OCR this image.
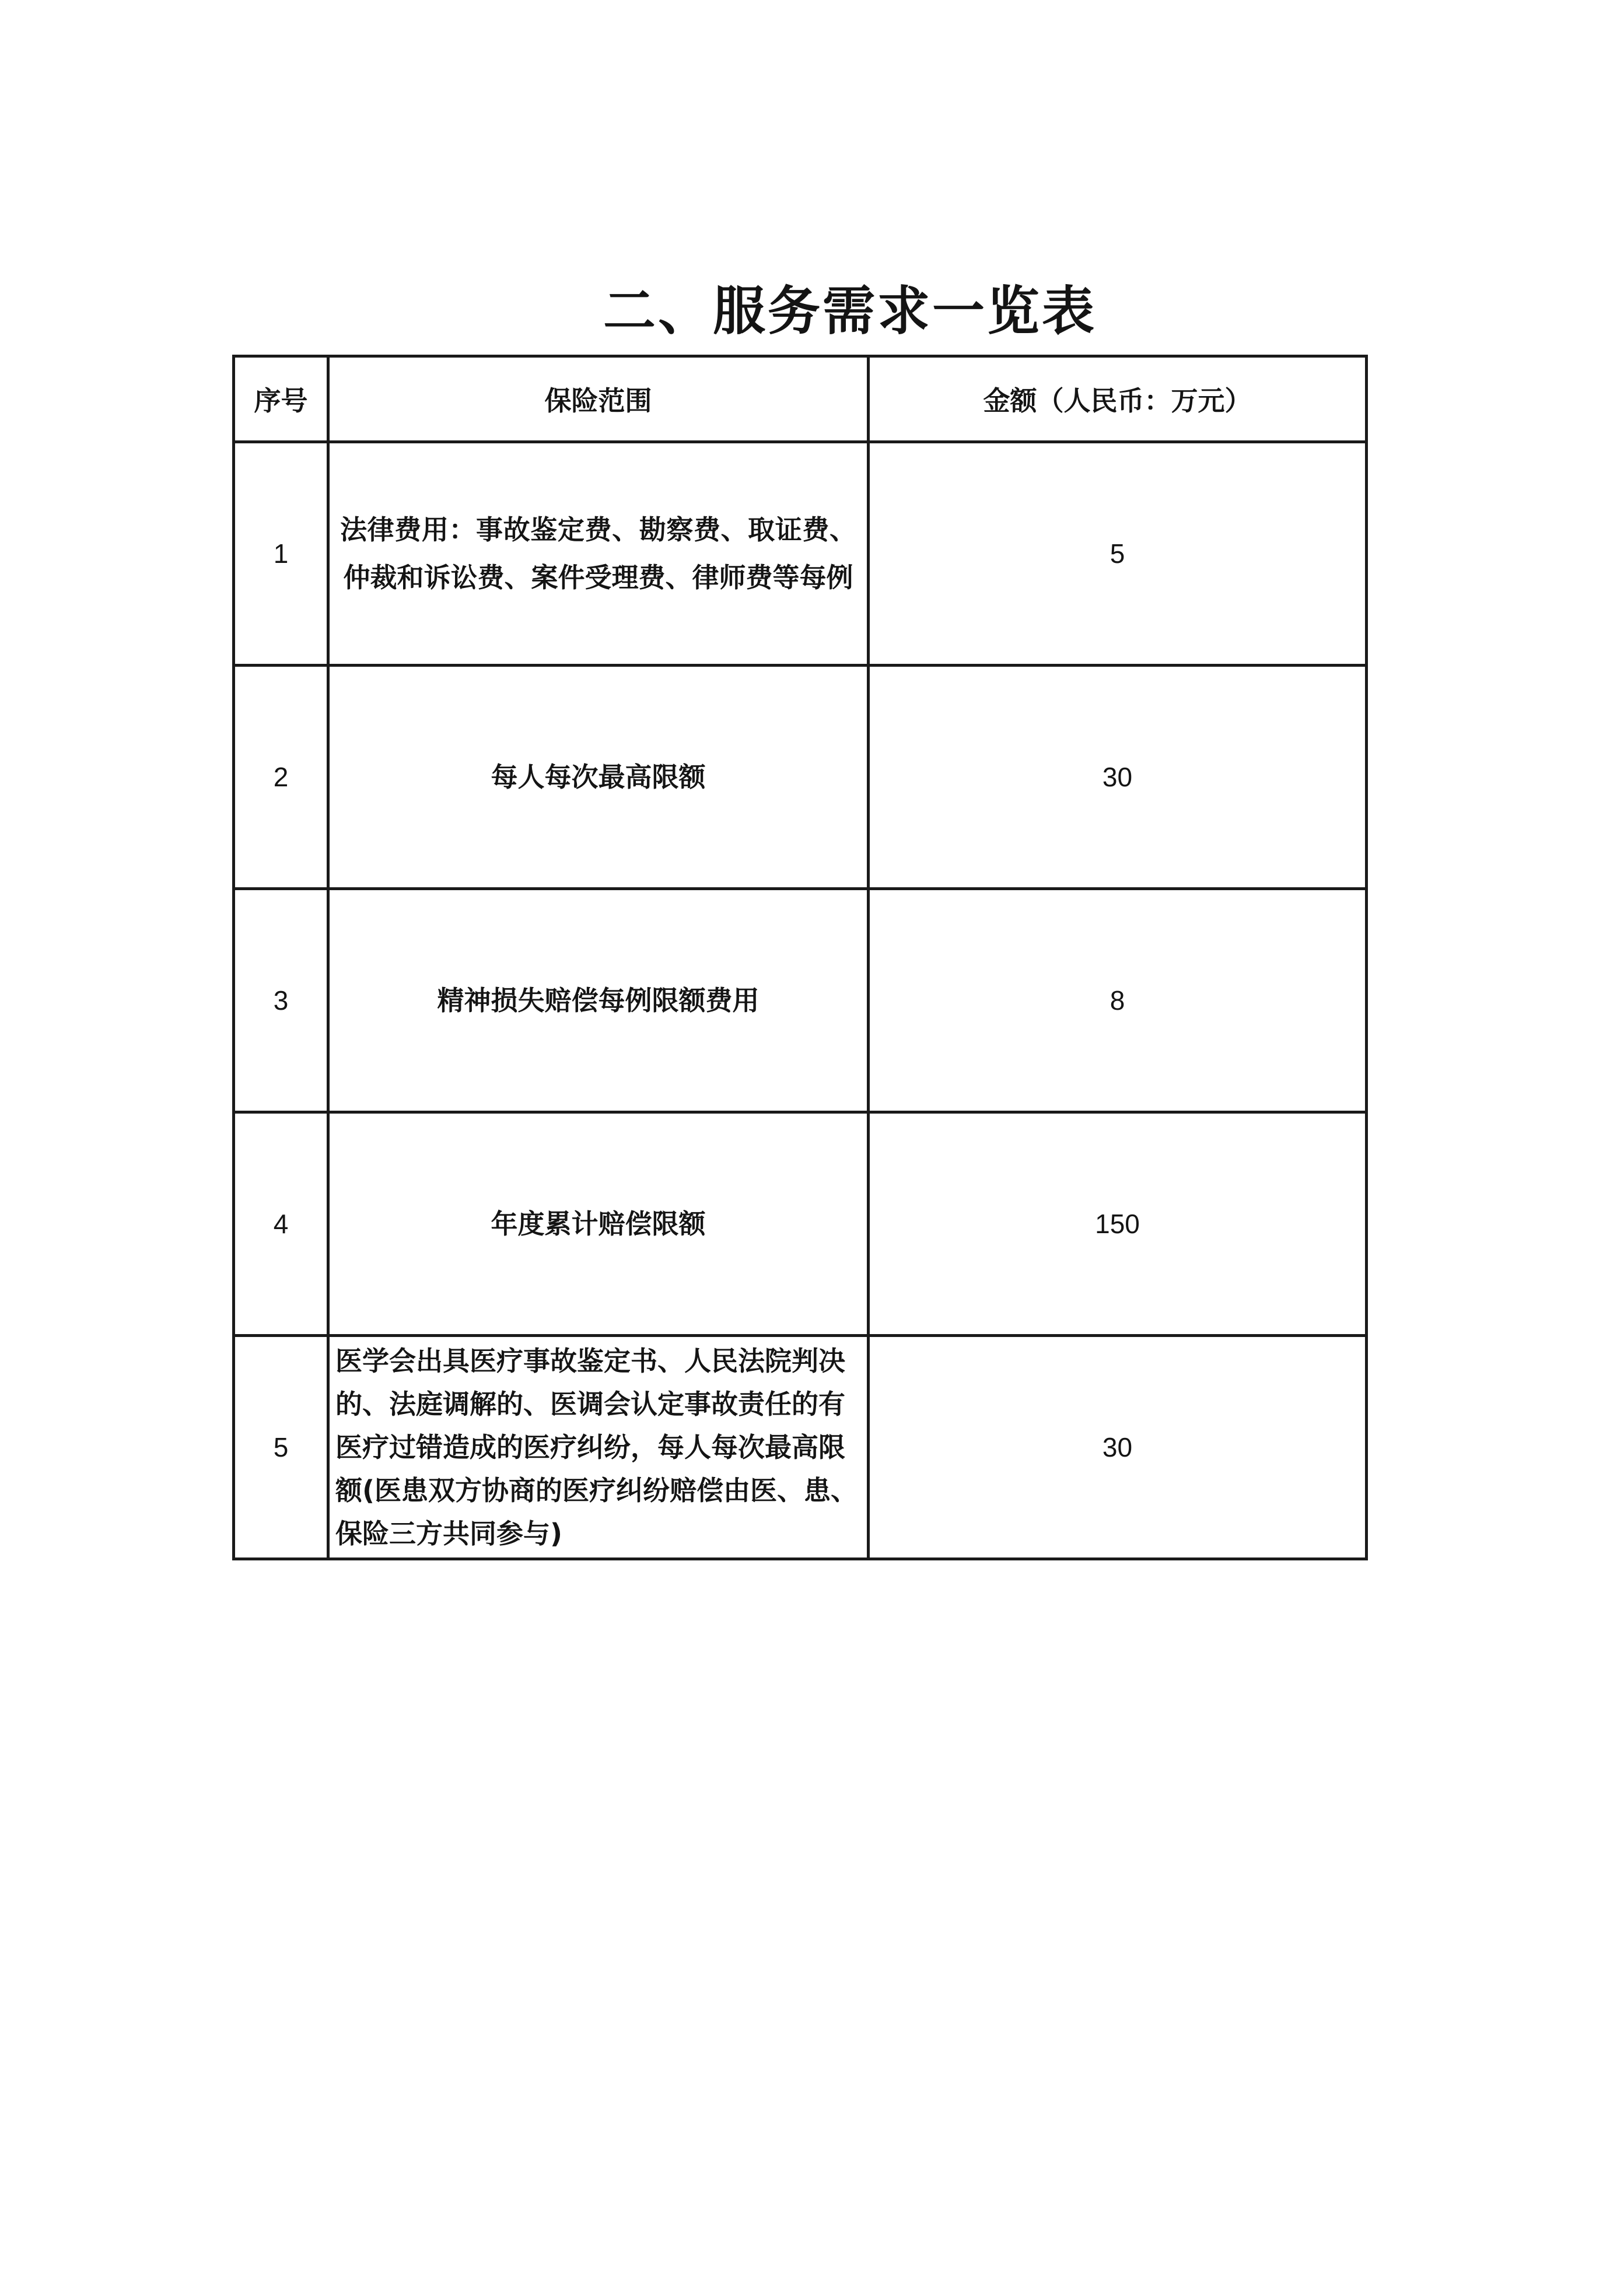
二、服务需求一览表
序号	保险范围	金额（人民币：万元）
1	法律费用：事故鉴定费、勘察费、取证费、仲裁和诉讼费、案件受理费、律师费等每例	5
2	每人每次最高限额	30
3	精神损失赔偿每例限额费用	8
4	年度累计赔偿限额	150
5	医学会出具医疗事故鉴定书、人民法院判决的、法庭调解的、医调会认定事故责任的有医疗过错造成的医疗纠纷，每人每次最高限额(医患双方协商的医疗纠纷赔偿由医、患、保险三方共同参与)	30
